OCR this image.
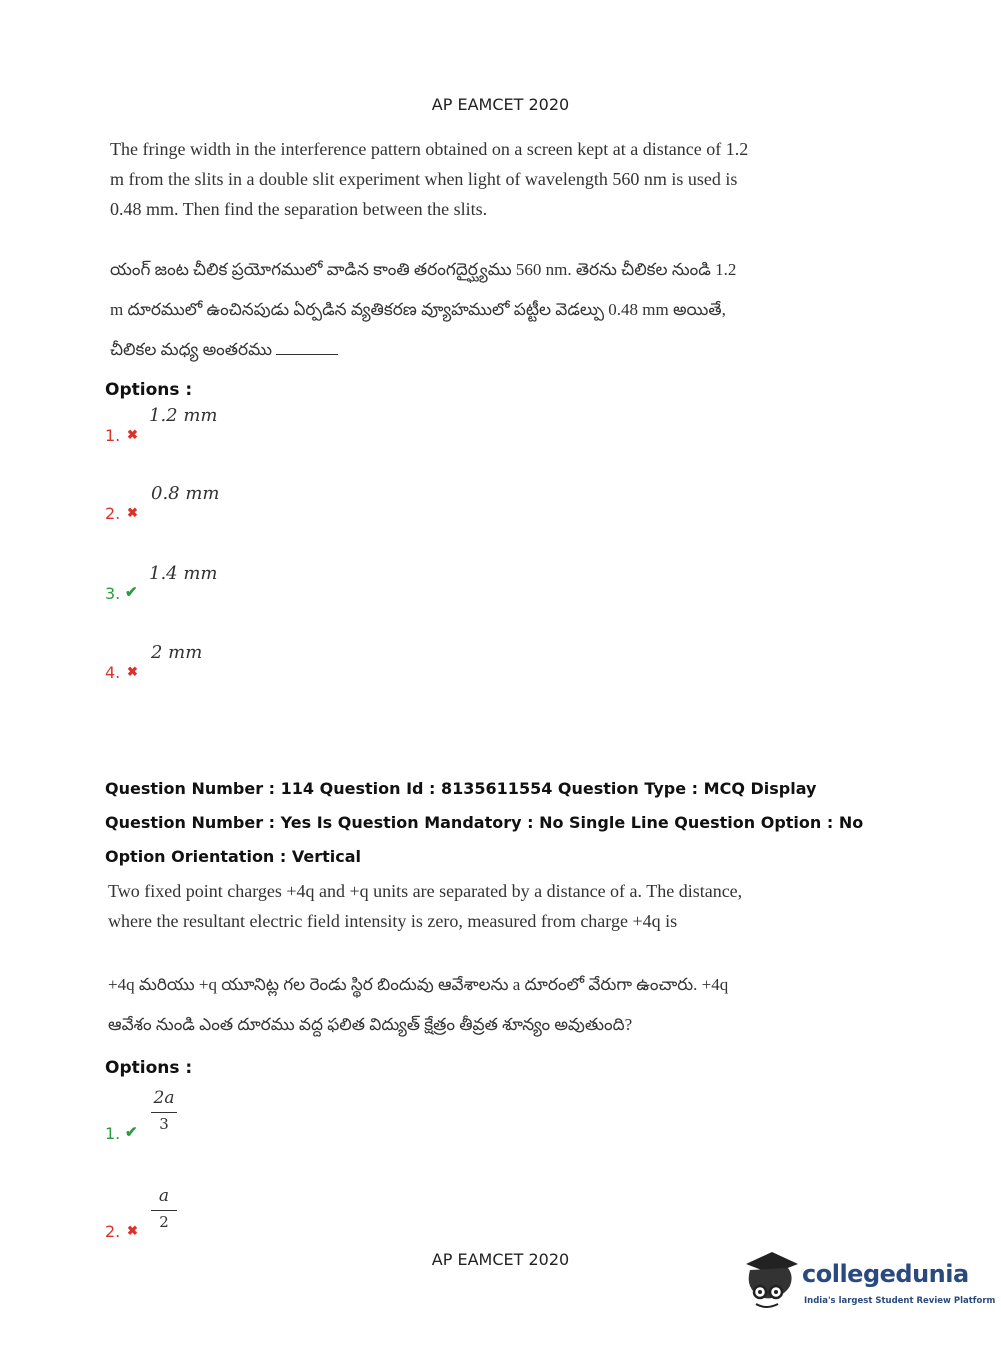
AP EAMCET 2020
The fringe width in the interference pattern obtained on a screen kept at a distance of 1.2 m from the slits in a double slit experiment when light of wavelength 560 nm is used is 0.48 mm. Then find the separation between the slits.
యంగ్ జంట చీలిక ప్రయోగములో వాడిన కాంతి తరంగదైర్ఘ్యము 560 nm. తెరను చీలికల నుండి 1.2 m దూరములో ఉంచినపుడు ఏర్పడిన వ్యతికరణ వ్యూహములో పట్టీల వెడల్పు 0.48 mm అయితే, చీలికల మధ్య అంతరము
Options :
1. ✖
1.2 mm
2. ✖
0.8 mm
3. ✔
1.4 mm
4. ✖
2 mm
Question Number : 114 Question Id : 8135611554 Question Type : MCQ Display Question Number : Yes Is Question Mandatory : No Single Line Question Option : No Option Orientation : Vertical
Two fixed point charges +4q and +q units are separated by a distance of a. The distance, where the resultant electric field intensity is zero, measured from charge +4q is
+4q మరియు +q యూనిట్ల గల రెండు స్థిర బిందువు ఆవేశాలను a దూరంలో వేరుగా ఉంచారు. +4q ఆవేశం నుండి ఎంత దూరము వద్ద ఫలిత విద్యుత్ క్షేత్రం తీవ్రత శూన్యం అవుతుంది?
Options :
1. ✔
2a
3
2. ✖
a
2
AP EAMCET 2020
collegedunia
India's largest Student Review Platform
